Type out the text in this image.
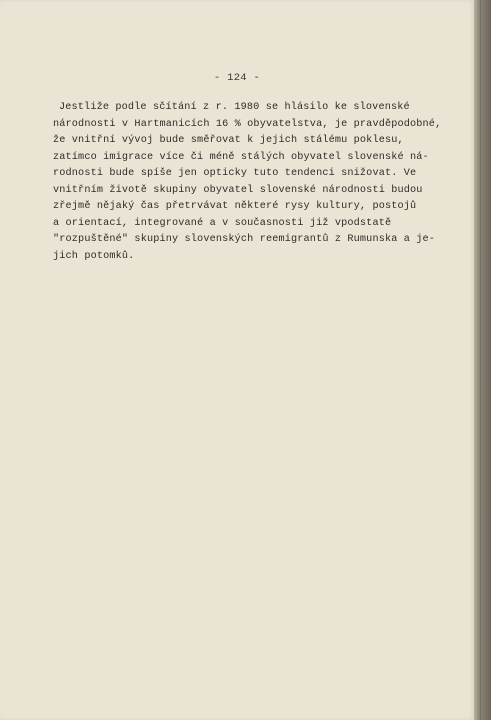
- 124 -
Jestliže podle sčítání z r. 1980 se hlásilo ke slovenské
národnosti v Hartmanicích 16 % obyvatelstva, je pravděpodobné,
že vnitřní vývoj bude směřovat k jejich stálému poklesu,
zatímco imigrace více či méně stálých obyvatel slovenské ná-
rodnosti bude spíše jen opticky tuto tendenci snižovat. Ve
vnitřním životě skupiny obyvatel slovenské národnosti budou
zřejmě nějaký čas přetrvávat některé rysy kultury, postojů
a orientací, integrované a v současnosti již vpodstatě
"rozpuštěné" skupiny slovenských reemigrantů z Rumunska a je-
jich potomků.
